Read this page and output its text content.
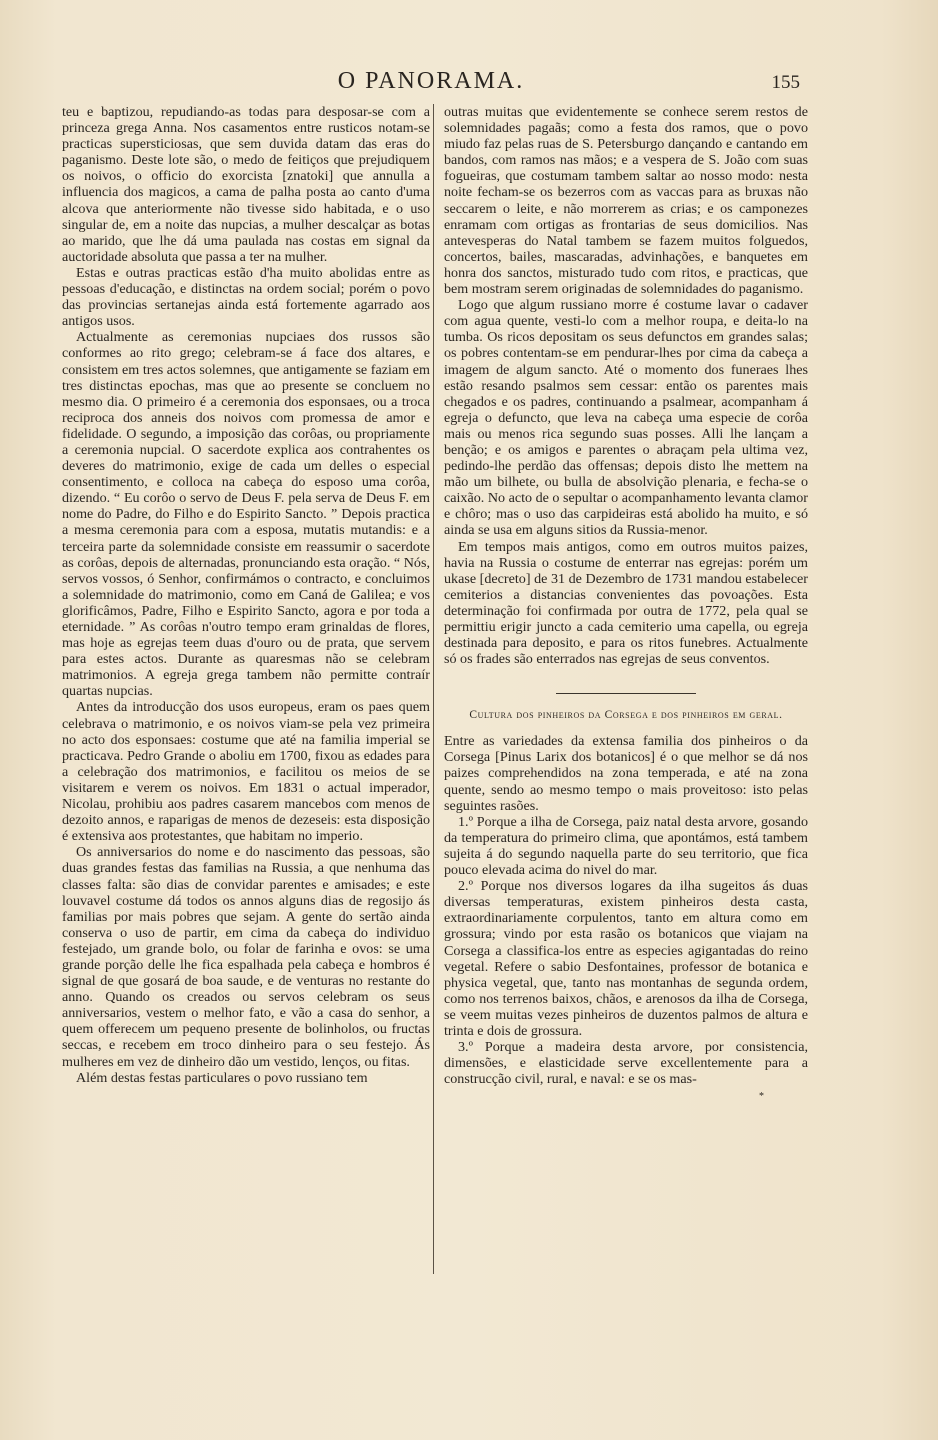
O PANORAMA.	155

teu e baptizou, repudiando-as todas para desposar-se com a princeza grega Anna. Nos casamentos entre rusticos notam-se practicas supersticiosas, que sem duvida datam das eras do paganismo. Deste lote são, o medo de feitiços que prejudiquem os noivos, o officio do exorcista [znatoki] que annulla a influencia dos magicos, a cama de palha posta ao canto d'uma alcova que anteriormente não tivesse sido habitada, e o uso singular de, em a noite das nupcias, a mulher descalçar as botas ao marido, que lhe dá uma paulada nas costas em signal da auctoridade absoluta que passa a ter na mulher.

Estas e outras practicas estão d'ha muito abolidas entre as pessoas d'educação, e distinctas na ordem social; porém o povo das provincias sertanejas ainda está fortemente agarrado aos antigos usos.

Actualmente as ceremonias nupciaes dos russos são conformes ao rito grego; celebram-se á face dos altares, e consistem em tres actos solemnes, que antigamente se faziam em tres distinctas epochas, mas que ao presente se concluem no mesmo dia. O primeiro é a ceremonia dos esponsaes, ou a troca reciproca dos anneis dos noivos com promessa de amor e fidelidade. O segundo, a imposição das corôas, ou propriamente a ceremonia nupcial. O sacerdote explica aos contrahentes os deveres do matrimonio, exige de cada um delles o especial consentimento, e colloca na cabeça do esposo uma corôa, dizendo. “ Eu corôo o servo de Deus F. pela serva de Deus F. em nome do Padre, do Filho e do Espirito Sancto. ” Depois practica a mesma ceremonia para com a esposa, mutatis mutandis: e a terceira parte da solemnidade consiste em reassumir o sacerdote as corôas, depois de alternadas, pronunciando esta oração. “ Nós, servos vossos, ó Senhor, confirmámos o contracto, e concluimos a solemnidade do matrimonio, como em Caná de Galilea; e vos glorificâmos, Padre, Filho e Espirito Sancto, agora e por toda a eternidade. ” As corôas n'outro tempo eram grinaldas de flores, mas hoje as egrejas teem duas d'ouro ou de prata, que servem para estes actos. Durante as quaresmas não se celebram matrimonios. A egreja grega tambem não permitte contraír quartas nupcias.

Antes da introducção dos usos europeus, eram os paes quem celebrava o matrimonio, e os noivos viam-se pela vez primeira no acto dos esponsaes: costume que até na familia imperial se practicava. Pedro Grande o aboliu em 1700, fixou as edades para a celebração dos matrimonios, e facilitou os meios de se visitarem e verem os noivos. Em 1831 o actual imperador, Nicolau, prohibiu aos padres casarem mancebos com menos de dezoito annos, e raparigas de menos de dezeseis: esta disposição é extensiva aos protestantes, que habitam no imperio.

Os anniversarios do nome e do nascimento das pessoas, são duas grandes festas das familias na Russia, a que nenhuma das classes falta: são dias de convidar parentes e amisades; e este louvavel costume dá todos os annos alguns dias de regosijo ás familias por mais pobres que sejam. A gente do sertão ainda conserva o uso de partir, em cima da cabeça do individuo festejado, um grande bolo, ou folar de farinha e ovos: se uma grande porção delle lhe fica espalhada pela cabeça e hombros é signal de que gosará de boa saude, e de venturas no restante do anno. Quando os creados ou servos celebram os seus anniversarios, vestem o melhor fato, e vão a casa do senhor, a quem offerecem um pequeno presente de bolinholos, ou fructas seccas, e recebem em troco dinheiro para o seu festejo. Ás mulheres em vez de dinheiro dão um vestido, lenços, ou fitas.

Além destas festas particulares o povo russiano tem

outras muitas que evidentemente se conhece serem restos de solemnidades pagaãs; como a festa dos ramos, que o povo miudo faz pelas ruas de S. Petersburgo dançando e cantando em bandos, com ramos nas mãos; e a vespera de S. João com suas fogueiras, que costumam tambem saltar ao nosso modo: nesta noite fecham-se os bezerros com as vaccas para as bruxas não seccarem o leite, e não morrerem as crias; e os camponezes enramam com ortigas as frontarias de seus domicilios. Nas antevesperas do Natal tambem se fazem muitos folguedos, concertos, bailes, mascaradas, advinhações, e banquetes em honra dos sanctos, misturado tudo com ritos, e practicas, que bem mostram serem originadas de solemnidades do paganismo.

Logo que algum russiano morre é costume lavar o cadaver com agua quente, vesti-lo com a melhor roupa, e deita-lo na tumba. Os ricos depositam os seus defunctos em grandes salas; os pobres contentam-se em pendurar-lhes por cima da cabeça a imagem de algum sancto. Até o momento dos funeraes lhes estão resando psalmos sem cessar: então os parentes mais chegados e os padres, continuando a psalmear, acompanham á egreja o defuncto, que leva na cabeça uma especie de corôa mais ou menos rica segundo suas posses. Alli lhe lançam a benção; e os amigos e parentes o abraçam pela ultima vez, pedindo-lhe perdão das offensas; depois disto lhe mettem na mão um bilhete, ou bulla de absolvição plenaria, e fecha-se o caixão. No acto de o sepultar o acompanhamento levanta clamor e chôro; mas o uso das carpideiras está abolido ha muito, e só ainda se usa em alguns sitios da Russia-menor.

Em tempos mais antigos, como em outros muitos paizes, havia na Russia o costume de enterrar nas egrejas: porém um ukase [decreto] de 31 de Dezembro de 1731 mandou estabelecer cemiterios a distancias convenientes das povoações. Esta determinação foi confirmada por outra de 1772, pela qual se permittiu erigir juncto a cada cemiterio uma capella, ou egreja destinada para deposito, e para os ritos funebres. Actualmente só os frades são enterrados nas egrejas de seus conventos.

Cultura dos pinheiros da Corsega e dos pinheiros em geral.

Entre as variedades da extensa familia dos pinheiros o da Corsega [Pinus Larix dos botanicos] é o que melhor se dá nos paizes comprehendidos na zona temperada, e até na zona quente, sendo ao mesmo tempo o mais proveitoso: isto pelas seguintes rasões.

1.º Porque a ilha de Corsega, paiz natal desta arvore, gosando da temperatura do primeiro clima, que apontámos, está tambem sujeita á do segundo naquella parte do seu territorio, que fica pouco elevada acima do nivel do mar.

2.º Porque nos diversos logares da ilha sugeitos ás duas diversas temperaturas, existem pinheiros desta casta, extraordinariamente corpulentos, tanto em altura como em grossura; vindo por esta rasão os botanicos que viajam na Corsega a classifica-los entre as especies agigantadas do reino vegetal. Refere o sabio Desfontaines, professor de botanica e physica vegetal, que, tanto nas montanhas de segunda ordem, como nos terrenos baixos, chãos, e arenosos da ilha de Corsega, se veem muitas vezes pinheiros de duzentos palmos de altura e trinta e dois de grossura.

3.º Porque a madeira desta arvore, por consistencia, dimensões, e elasticidade serve excellentemente para a construcção civil, rural, e naval: e se os mas-

*
